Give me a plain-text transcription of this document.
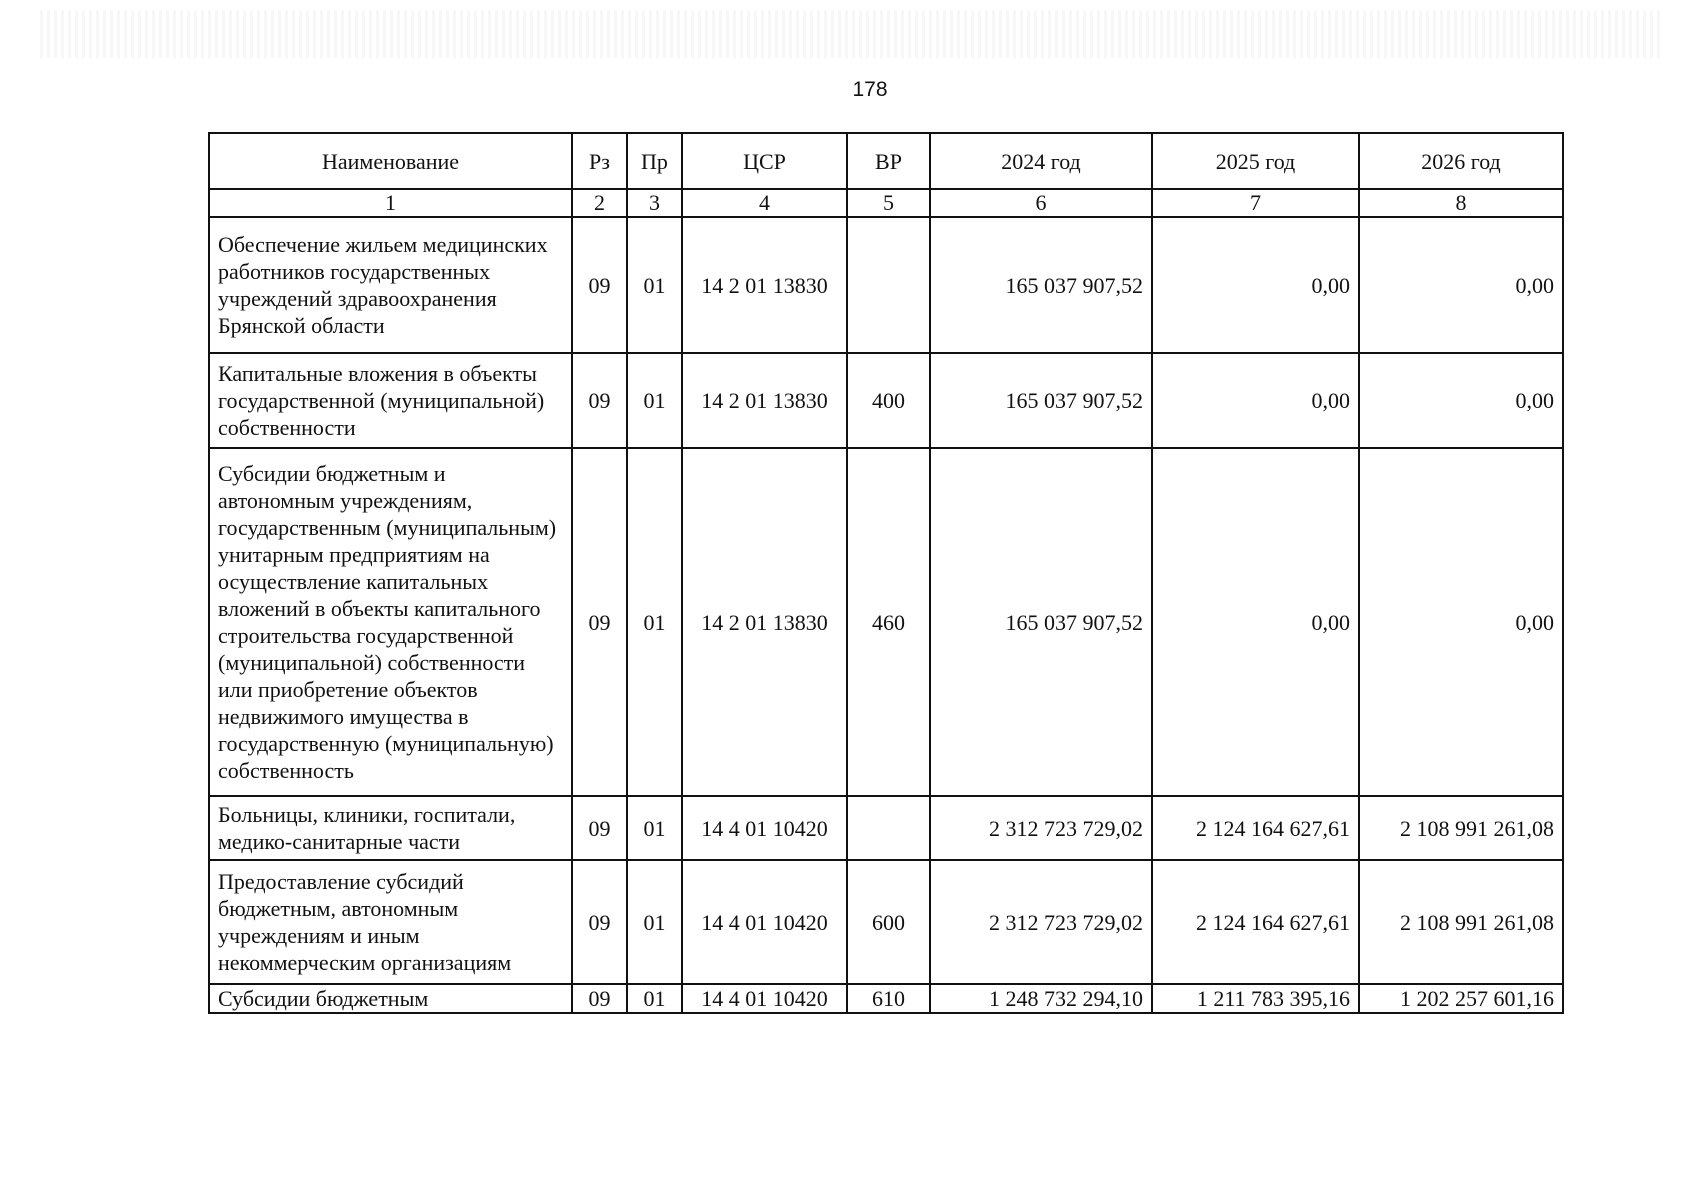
178
Наименование	Рз	Пр	ЦСР	ВР	2024 год	2025 год	2026 год
1	2	3	4	5	6	7	8
Обеспечение жильем медицинских работников государственных учреждений здравоохранения Брянской области	09	01	14 2 01 13830		165 037 907,52	0,00	0,00
Капитальные вложения в объекты государственной (муниципальной) собственности	09	01	14 2 01 13830	400	165 037 907,52	0,00	0,00
Субсидии бюджетным и автономным учреждениям, государственным (муниципальным) унитарным предприятиям на осуществление капитальных вложений в объекты капитального строительства государственной (муниципальной) собственности или приобретение объектов недвижимого имущества в государственную (муниципальную) собственность	09	01	14 2 01 13830	460	165 037 907,52	0,00	0,00
Больницы, клиники, госпитали, медико-санитарные части	09	01	14 4 01 10420		2 312 723 729,02	2 124 164 627,61	2 108 991 261,08
Предоставление субсидий бюджетным, автономным учреждениям и иным некоммерческим организациям	09	01	14 4 01 10420	600	2 312 723 729,02	2 124 164 627,61	2 108 991 261,08
Субсидии бюджетным	09	01	14 4 01 10420	610	1 248 732 294,10	1 211 783 395,16	1 202 257 601,16
